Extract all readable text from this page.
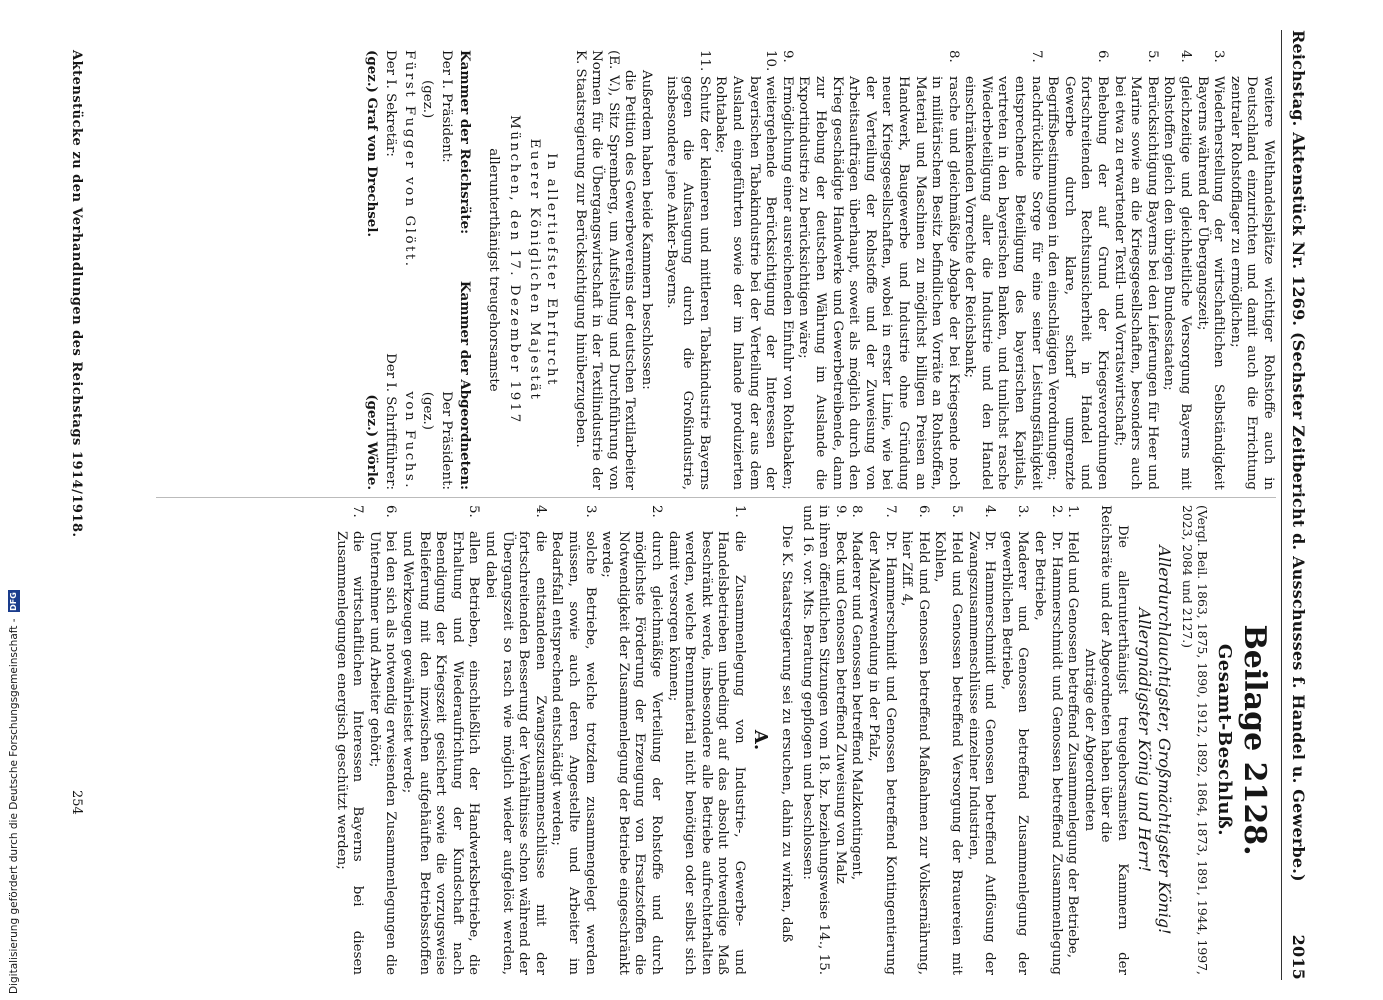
Reichstag. Aktenstück Nr. 1269. (Sechster Zeitbericht d. Ausschusses f. Handel u. Gewerbe.)
2015

weitere Welthandelsplätze wichtiger Rohstoffe auch in Deutschland einzurichten und damit auch die Errichtung zentraler Rohstofflager zu ermöglichen;

3.
Wiederherstellung der wirtschaftlichen Selbständigkeit Bayerns während der Übergangszeit;
4.
gleichzeitige und gleichheitliche Versorgung Bayerns mit Rohstoffen gleich den übrigen Bundesstaaten;
5.
Berücksichtigung Bayerns bei den Lieferungen für Heer und Marine sowie an die Kriegsgesellschaften, besonders auch bei etwa zu erwartender Textil- und Vorratswirtschaft;
6.
Behebung der auf Grund der Kriegsverordnungen fortschreitenden Rechtsunsicherheit in Handel und Gewerbe durch klare, scharf umgrenzte Begriffsbestimmungen in den einschlägigen Verordnungen;
7.
nachdrückliche Sorge für eine seiner Leistungsfähigkeit entsprechende Beteiligung des bayerischen Kapitals, vertreten in den bayerischen Banken, und tunlichst rasche Wiederbeteiligung aller die Industrie und den Handel einschränkenden Vorrechte der Reichsbank;
8.
rasche und gleichmäßige Abgabe der bei Kriegsende noch in militärischem Besitz befindlichen Vorräte an Rohstoffen, Material und Maschinen zu möglichst billigen Preisen an Handwerk, Baugewerbe und Industrie ohne Gründung neuer Kriegsgesellschaften, wobei in erster Linie, wie bei der Verteilung der Rohstoffe und der Zuweisung von Arbeitsaufträgen überhaupt, soweit als möglich durch den Krieg geschädigte Handwerke und Gewerbetreibende, dann zur Hebung der deutschen Währung im Auslande die Exportindustrie zu berücksichtigen wäre;
9.
Ermöglichung einer ausreichenden Einfuhr von Rohtabaken;
10.
weitergehende Berücksichtigung der Interessen der bayerischen Tabakindustrie bei der Verteilung der aus dem Ausland eingeführten sowie der im Inlande produzierten Rohtabake;
11.
Schutz der kleineren und mittleren Tabakindustrie Bayerns gegen die Aufsaugung durch die Großindustrie, insbesondere jene Anker-Bayerns.

Außerdem haben beide Kammern beschlossen:

die Petition des Gewerbevereins der deutschen Textilarbeiter (E. V.), Sitz Spremberg, um Aufstellung und Durchführung von Normen für die Übergangswirtschaft in der Textilindustrie der K. Staatsregierung zur Berücksichtigung hinüberzugeben.

In allertiefster Ehrfurcht

Euerer Königlichen Majestät

München, den 17. Dezember 1917

allerunterthänigst treugehorsamste

Kammer der Reichsräte:
Kammer der Abgeordneten:
Der I. Präsident:
Der Präsident:
(gez.)
(gez.)
Fürst Fugger von Glött.
von Fuchs.
Der I. Sekretär:
Der I. Schriftführer:
(gez.) Graf von Drechsel.
(gez.) Wörle.
Beilage 2128.
Gesamt-Beschluß.

(Vergl. Beil. 1863, 1875, 1890, 1912, 1892, 1864, 1873, 1891, 1944, 1997, 2023, 2084 und 2127.)

Allerdurchlauchtigster, Großmächtigster König!

Allergnädigster König und Herr!

Die allerunterthänigst treugehorsamsten Kammern der Reichsräte und der Abgeordneten haben über die

Anträge der Abgeordneten

1.
Held und Genossen betreffend Zusammenlegung der Betriebe,
2.
Dr. Hammerschmidt und Genossen betreffend Zusammenlegung der Betriebe,
3.
Maderer und Genossen betreffend Zusammenlegung der gewerblichen Betriebe,
4.
Dr. Hammerschmidt und Genossen betreffend Auflösung der Zwangszusammenschlüsse einzelner Industrien,
5.
Held und Genossen betreffend Versorgung der Brauereien mit Kohlen,
6.
Held und Genossen betreffend Maßnahmen zur Volksernährung, hier Ziff. 4,
7.
Dr. Hammerschmidt und Genossen betreffend Kontingentierung der Malzverwendung in der Pfalz,
8.
Maderer und Genossen betreffend Malzkontingent,
9.
Beck und Genossen betreffend Zuweisung von Malz

in ihren öffentlichen Sitzungen vom 18. bz. beziehungsweise 14., 15. und 16. vor. Mts. Beratung gepflogen und beschlossen:

Die K. Staatsregierung sei zu ersuchen, dahin zu wirken, daß

A.
1.
die Zusammenlegung von Industrie-, Gewerbe- und Handelsbetrieben unbedingt auf das absolut notwendige Maß beschränkt werde, insbesondere alle Betriebe aufrechterhalten werden, welche Brennmaterial nicht benötigen oder selbst sich damit versorgen können;
2.
durch gleichmäßige Verteilung der Rohstoffe und durch möglichste Förderung der Erzeugung von Ersatzstoffen die Notwendigkeit der Zusammenlegung der Betriebe eingeschränkt werde;
3.
solche Betriebe, welche trotzdem zusammengelegt werden müssen, sowie auch deren Angestellte und Arbeiter im Bedarfsfall entsprechend entschädigt werden;
4.
die entstandenen Zwangszusammenschlüsse mit der fortschreitenden Besserung der Verhältnisse schon während der Übergangszeit so rasch wie möglich wieder aufgelöst werden, und dabei
5.
allen Betrieben, einschließlich der Handwerksbetriebe, die Erhaltung und Wiederaufrichtung der Kundschaft nach Beendigung der Kriegszeit gesichert sowie die vorzugsweise Belieferung mit den inzwischen aufgehäuften Betriebsstoffen und Werkzeugen gewährleistet werde;
6.
bei den sich als notwendig erweisenden Zusammenlegungen die Unternehmer und Arbeiter gehört;
7.
die wirtschaftlichen Interessen Bayerns bei diesen Zusammenlegungen energisch geschützt werden;
Aktenstücke zu den Verhandlungen des Reichstags 1914/1918.
254
Digitalisierung gefördert durch die Deutsche Forschungsgemeinschaft -
DFG
